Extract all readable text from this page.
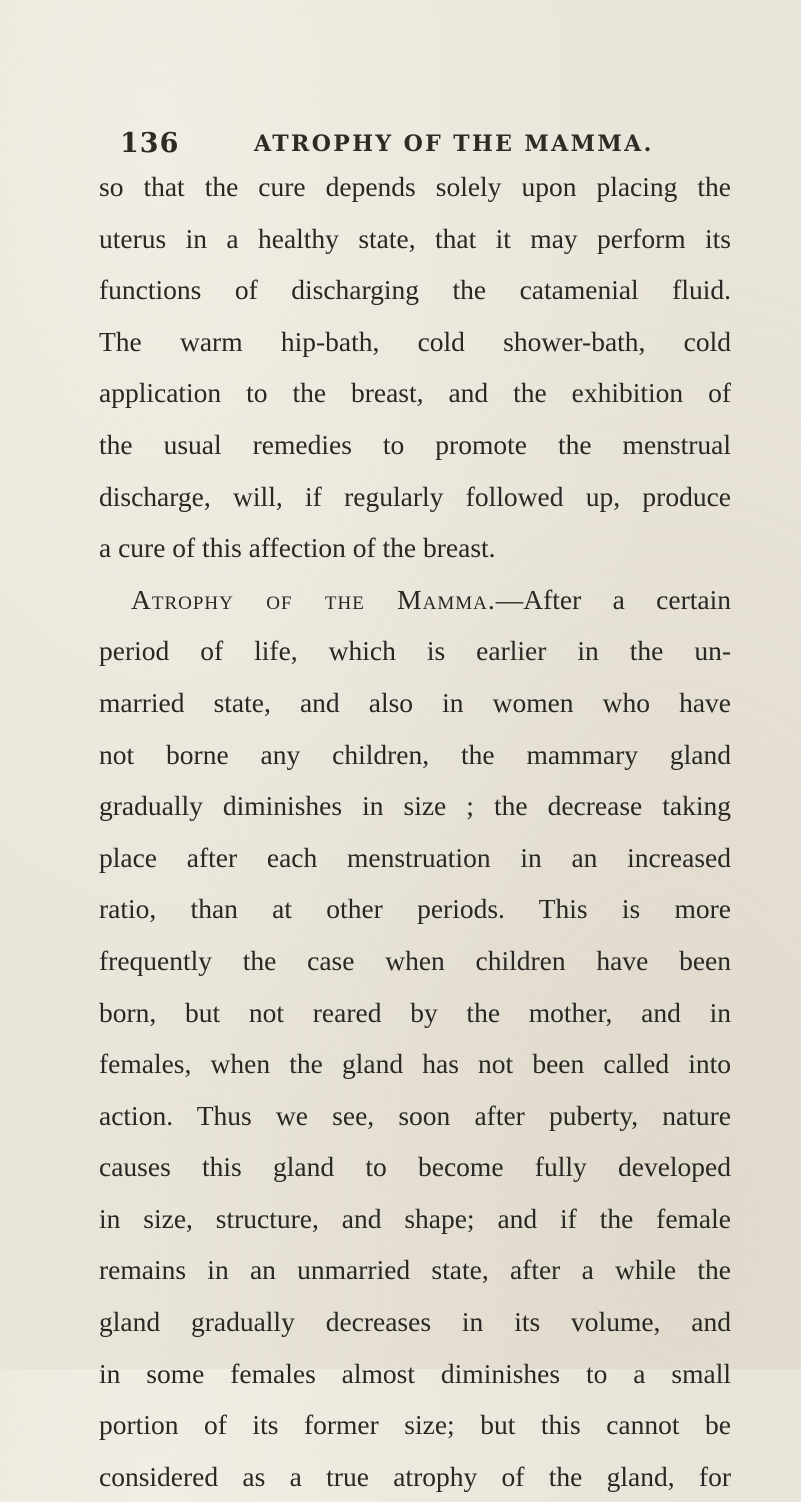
136	ATROPHY OF THE MAMMA.
so that the cure depends solely upon placing the
uterus in a healthy state, that it may perform its
functions of discharging the catamenial fluid.
The warm hip-bath, cold shower-bath, cold
application to the breast, and the exhibition of
the usual remedies to promote the menstrual
discharge, will, if regularly followed up, produce
a cure of this affection of the breast.
Atrophy of the Mamma.—After a certain
period of life, which is earlier in the un-
married state, and also in women who have
not borne any children, the mammary gland
gradually diminishes in size ; the decrease taking
place after each menstruation in an increased
ratio, than at other periods. This is more
frequently the case when children have been
born, but not reared by the mother, and in
females, when the gland has not been called into
action. Thus we see, soon after puberty, nature
causes this gland to become fully developed
in size, structure, and shape; and if the female
remains in an unmarried state, after a while the
gland gradually decreases in its volume, and
in some females almost diminishes to a small
portion of its former size; but this cannot be
considered as a true atrophy of the gland, for
